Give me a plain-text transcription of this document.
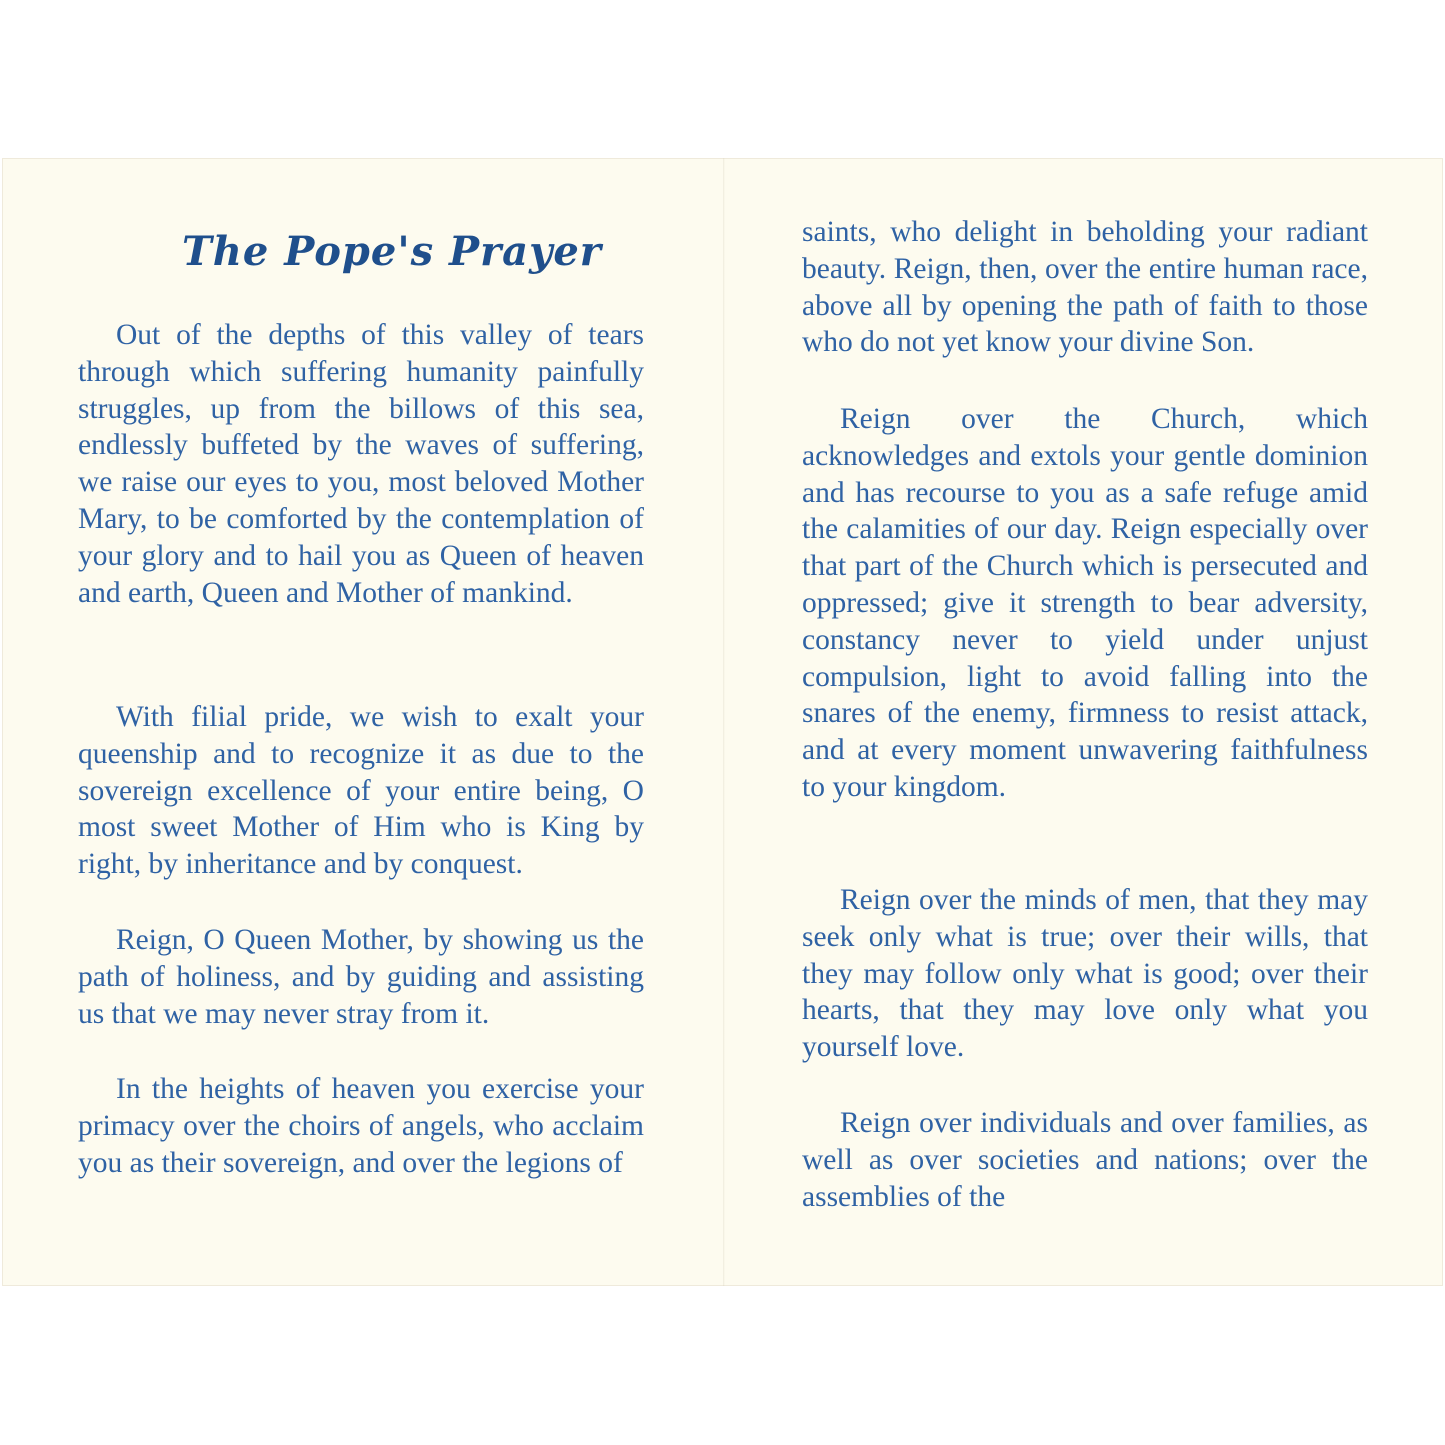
The Pope's Prayer

Out of the depths of this valley of tears through which suffering humanity painfully struggles, up from the billows of this sea, endlessly buffeted by the waves of suffering, we raise our eyes to you, most beloved Mother Mary, to be comforted by the contemplation of your glory and to hail you as Queen of heaven and earth, Queen and Mother of mankind.

With filial pride, we wish to exalt your queenship and to recognize it as due to the sovereign excellence of your entire being, O most sweet Mother of Him who is King by right, by inheritance and by conquest.

Reign, O Queen Mother, by showing us the path of holiness, and by guiding and assisting us that we may never stray from it.

In the heights of heaven you exercise your primacy over the choirs of angels, who acclaim you as their sovereign, and over the legions of

saints, who delight in beholding your radiant beauty. Reign, then, over the entire human race, above all by opening the path of faith to those who do not yet know your divine Son.

Reign over the Church, which acknowledges and extols your gentle dominion and has recourse to you as a safe refuge amid the calamities of our day. Reign especially over that part of the Church which is persecuted and oppressed; give it strength to bear adversity, constancy never to yield under unjust compulsion, light to avoid falling into the snares of the enemy, firmness to resist attack, and at every moment unwavering faithfulness to your kingdom.

Reign over the minds of men, that they may seek only what is true; over their wills, that they may follow only what is good; over their hearts, that they may love only what you yourself love.

Reign over individuals and over families, as well as over societies and nations; over the assemblies of the
